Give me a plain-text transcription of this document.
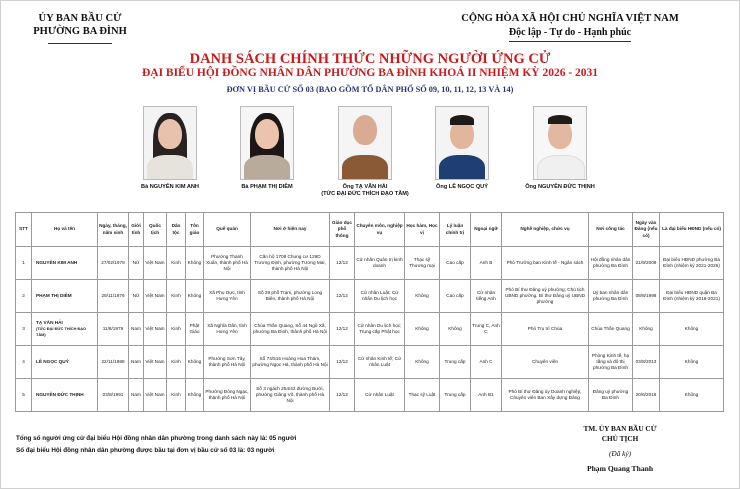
ỦY BAN BẦU CỬ
PHƯỜNG BA ĐÌNH
CỘNG HÒA XÃ HỘI CHỦ NGHĨA VIỆT NAM
Độc lập - Tự do - Hạnh phúc
DANH SÁCH CHÍNH THỨC NHỮNG NGƯỜI ỨNG CỬ
ĐẠI BIỂU HỘI ĐỒNG NHÂN DÂN PHƯỜNG BA ĐÌNH KHOÁ II NHIỆM KỲ 2026 - 2031
ĐƠN VỊ BẦU CỬ SỐ 03 (BAO GỒM TỔ DÂN PHỐ SỐ 09, 10, 11, 12, 13 VÀ 14)
Bà NGUYỄN KIM ANH	Bà PHẠM THỊ DIỄM	Ông TẠ VĂN HẢI
(TỨC ĐẠI ĐỨC THÍCH ĐẠO TÂM)
Ông LÊ NGỌC QUÝ	Ông NGUYỄN ĐỨC THỊNH
STT	Họ và tên	Ngày, tháng, năm sinh	Giới tính	Quốc tịch	Dân tộc	Tôn giáo	Quê quán	Nơi ở hiện nay	Giáo dục phổ thông	Chuyên môn, nghiệp vụ	Học hàm, Học vị	Lý luận chính trị	Ngoại ngữ	Nghề nghiệp, chức vụ	Nơi công tác	Ngày vào Đảng (nếu có)	Là đại biểu HĐND (nếu có)
1	NGUYỄN KIM ANH	27/02/1979	Nữ	Việt Nam	Kinh	Không	Phường Thanh Xuân, thành phố Hà Nội	Căn hộ 1708 Chung cư 129D Trương Định, phường Tương Mai, thành phố Hà Nội	12/12	Cử nhân Quản trị kinh doanh	Thạc sỹ Thương mại	Cao cấp	Anh B	Phó Trưởng ban Kinh tế - Ngân sách	Hội đồng nhân dân phường Ba Đình	21/9/2009	Đại biểu HĐND phường Ba Đình (nhiệm kỳ 2021-2026)
2	PHẠM THỊ DIỄM	29/11/1976	Nữ	Việt Nam	Kinh	Không	Xã Phụ Dực, tỉnh Hưng Yên	Số 29 phố Trạm, phường Long Biên, thành phố Hà Nội	12/12	Cử nhân Luật; Cử nhân Du lịch học	Không	Cao cấp	Cử nhân tiếng Anh	Phó Bí thư Đảng uỷ phường, Chủ tịch UBND phường, Bí thư Đảng uỷ UBND phường	Uỷ ban nhân dân phường Ba Đình	08/8/1998	Đại biểu HĐND quận Ba Đình (nhiệm kỳ 2016-2021)
3	TẠ VĂN HẢI
(TỨC ĐẠI ĐỨC THÍCH ĐẠO TÂM)	11/8/1979	Nam	Việt Nam	Kinh	Phật Giáo	Xã Nghĩa Dân, tỉnh Hưng Yên	Chùa Thần Quang, Số 44 Ngũ Xã, phường Ba Đình, thành phố Hà Nội	12/12	Cử nhân Du lịch học; Trung cấp Phật học	Không	Không	Trung C, Anh C	Phó Trụ trì Chùa	Chùa Thần Quang	Không	Không
4	LÊ NGỌC QUÝ	22/11/1988	Nam	Việt Nam	Kinh	Không	Phường Sơn Tây, thành phố Hà Nội	Số 74/515 Hoàng Hoa Thám, phường Ngọc Hà, thành phố Hà Nội	12/12	Cử nhân Kinh tế; Cử nhân Luật	Không	Trung cấp	Anh C	Chuyên viên	Phòng Kinh tế, hạ tầng và đô thị phường Ba Đình	03/8/2013	Không
5	NGUYỄN ĐỨC THỊNH	03/8/1991	Nam	Việt Nam	Kinh	Không	Phường Đông Ngạc, thành phố Hà Nội	Số 3 ngách 254/42 đường Bưởi, phường Giảng Võ, thành phố Hà Nội	12/12	Cử nhân Luật	Thạc sỹ Luật	Trung cấp	Anh B1	Phó Bí thư Đảng ủy Doanh nghiệp, Chuyên viên Ban Xây dựng Đảng	Đảng uỷ phường Ba Đình	20/6/2016	Không
Tổng số người ứng cử đại biểu Hội đồng nhân dân phường trong danh sách này là: 05 người
Số đại biểu Hội đồng nhân dân phường được bầu tại đơn vị bầu cử số 03 là: 03 người
TM. ỦY BAN BẦU CỬ
CHỦ TỊCH
(Đã ký)
Phạm Quang Thanh
